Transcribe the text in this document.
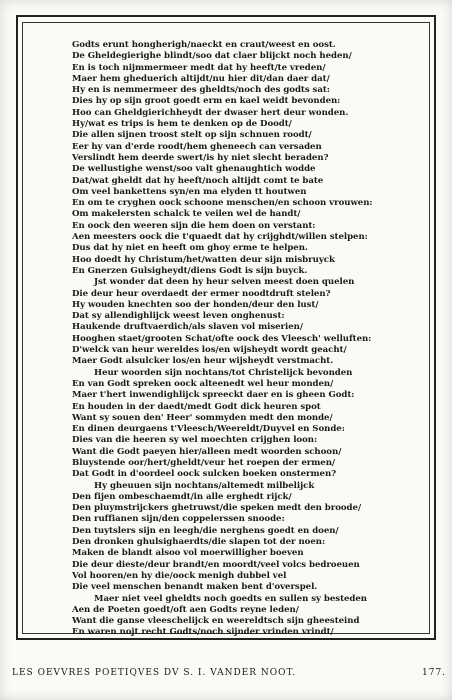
Godts erunt hongherigh/naeckt en craut/weest en oost.
De Gheldegierighe blindt/soo dat claer blijckt noch heden/
En is toch nijmmermeer medt dat hy heeft/te vreden/
Maer hem gheduerich altijdt/nu hier dit/dan daer dat/
Hy en is nemmermeer des gheldts/noch des godts sat:
Dies hy op sijn groot goedt erm en kael weidt bevonden:
Hoo can Gheldgierichheydt der dwaser hert deur wonden.
Hy/wat es trips is hem te denken op de Doodt/
Die allen sijnen troost stelt op sijn schnuen roodt/
Eer hy van d'erde roodt/hem gheneech can versaden
Verslindt hem deerde swert/is hy niet slecht beraden?
De wellustighe wenst/soo valt ghenaughtich wodde
Dat/wat gheldt dat hy heeft/noch altijdt comt te bate
Om veel bankettens syn/en ma elyden tt houtwen
En om te cryghen oock schoone menschen/en schoon vrouwen:
Om makelersten schalck te veilen wel de handt/
En oock den weeren sijn die hem doen on verstant:
Aen meesters oock die t'quaedt dat hy crijghdt/willen stelpen:
Dus dat hy niet en heeft om ghoy erme te helpen.
Hoo doedt hy Christum/het/watten deur sijn misbruyck
En Gnerzen Gulsigheydt/diens Godt is sijn buyck.
Jst wonder dat deen hy heur selven meest doen quelen
Die deur heur overdaedt der ermer noodtdruft stelen?
Hy wouden knechten soo der honden/deur den lust/
Dat sy allendighlijck weest leven onghenust:
Haukende druftvaerdich/als slaven vol miserien/
Hooghen staet/grooten Schat/ofte oock des Vleesch' welluften:
D'welck van heur wereldes los/en wijsheydt wordt geacht/
Maer Godt alsulcker los/en heur wijsheydt verstmacht.
Heur woorden sijn nochtans/tot Christelijck bevonden
En van Godt spreken oock alteenedt wel heur monden/
Maer t'hert inwendighlijck spreeckt daer en is gheen Godt:
En houden in der daedt/medt Godt dick heuren spot
Want sy souen den' Heer' sommyden medt den monde/
En dinen deurgaens t'Vleesch/Weereldt/Duyvel en Sonde:
Dies van die heeren sy wel moechten crijghen loon:
Want die Godt paeyen hier/alleen medt woorden schoon/
Bluystende oor/hert/gheldt/veur het roepen der ermen/
Dat Godt in d'oordeel oock sulcken boeken onstermen?
Hy gheuuen sijn nochtans/altemedt milbelijck
Den fijen ombeschaemdt/in alle erghedt rijck/
Den pluymstrijckers ghetruwst/die speken medt den broode/
Den ruffianen sijn/den coppelerssen snoode:
Den tuytslers sijn en leegh/die nerghens goedt en doen/
Den dronken ghulsighaerdts/die slapen tot der noen:
Maken de blandt alsoo vol moerwilligher boeven
Die deur dieste/deur brandt/en moordt/veel volcs bedroeuen
Vol hooren/en hy die/oock menigh dubbel vel
Die veel menschen benandt maken bent d'overspel.
Maer niet veel gheldts noch goedts en sullen sy besteden
Aen de Poeten goedt/oft aen Godts reyne leden/
Want die ganse vleeschelijck en weereldtsch sijn gheesteind
En waren nojt recht Godts/noch sijnder vrinden vrindt/
LES OEVVRES POETIQVES DV S. I. VANDER NOOT.	177.
